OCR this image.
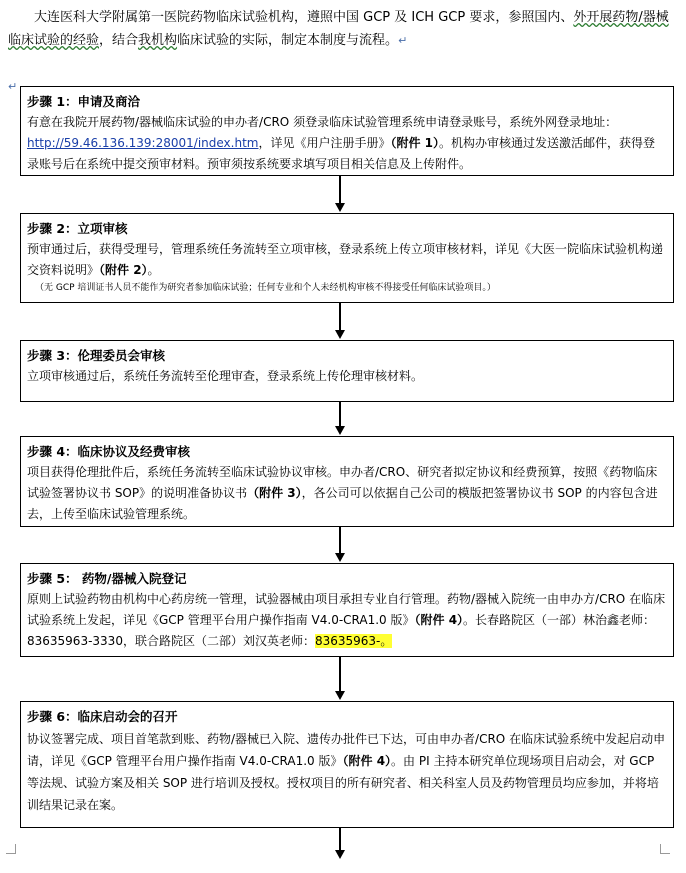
大连医科大学附属第一医院药物临床试验机构，遵照中国 GCP 及 ICH GCP 要求，参照国内、外开展药物/器械临床试验的经验，结合我机构临床试验的实际，制定本制度与流程。↵
↵
步骤 1：申请及商洽
有意在我院开展药物/器械临床试验的申办者/CRO 须登录临床试验管理系统申请登录账号，系统外网登录地址：http://59.46.136.139:28001/index.htm，详见《用户注册手册》（附件 1）。机构办审核通过发送激活邮件，获得登录账号后在系统中提交预审材料。预审须按系统要求填写项目相关信息及上传附件。
步骤 2：立项审核
预审通过后，获得受理号，管理系统任务流转至立项审核，登录系统上传立项审核材料，详见《大医一院临床试验机构递交资料说明》（附件 2）。
（无 GCP 培训证书人员不能作为研究者参加临床试验；任何专业和个人未经机构审核不得接受任何临床试验项目。）
步骤 3：伦理委员会审核
立项审核通过后，系统任务流转至伦理审查，登录系统上传伦理审核材料。
步骤 4：临床协议及经费审核
项目获得伦理批件后，系统任务流转至临床试验协议审核。申办者/CRO、研究者拟定协议和经费预算，按照《药物临床试验签署协议书 SOP》的说明准备协议书（附件 3），各公司可以依据自己公司的模版把签署协议书 SOP 的内容包含进去，上传至临床试验管理系统。
步骤 5： 药物/器械入院登记
原则上试验药物由机构中心药房统一管理，试验器械由项目承担专业自行管理。药物/器械入院统一由申办方/CRO 在临床试验系统上发起，详见《GCP 管理平台用户操作指南 V4.0-CRA1.0 版》（附件 4）。长春路院区（一部）林治鑫老师：83635963-3330，联合路院区（二部）刘汉英老师：83635963-。
步骤 6：临床启动会的召开
协议签署完成、项目首笔款到账、药物/器械已入院、遗传办批件已下达，可由申办者/CRO 在临床试验系统中发起启动申请，详见《GCP 管理平台用户操作指南 V4.0-CRA1.0 版》（附件 4）。由 PI 主持本研究单位现场项目启动会，对 GCP 等法规、试验方案及相关 SOP 进行培训及授权。授权项目的所有研究者、相关科室人员及药物管理员均应参加，并将培训结果记录在案。
